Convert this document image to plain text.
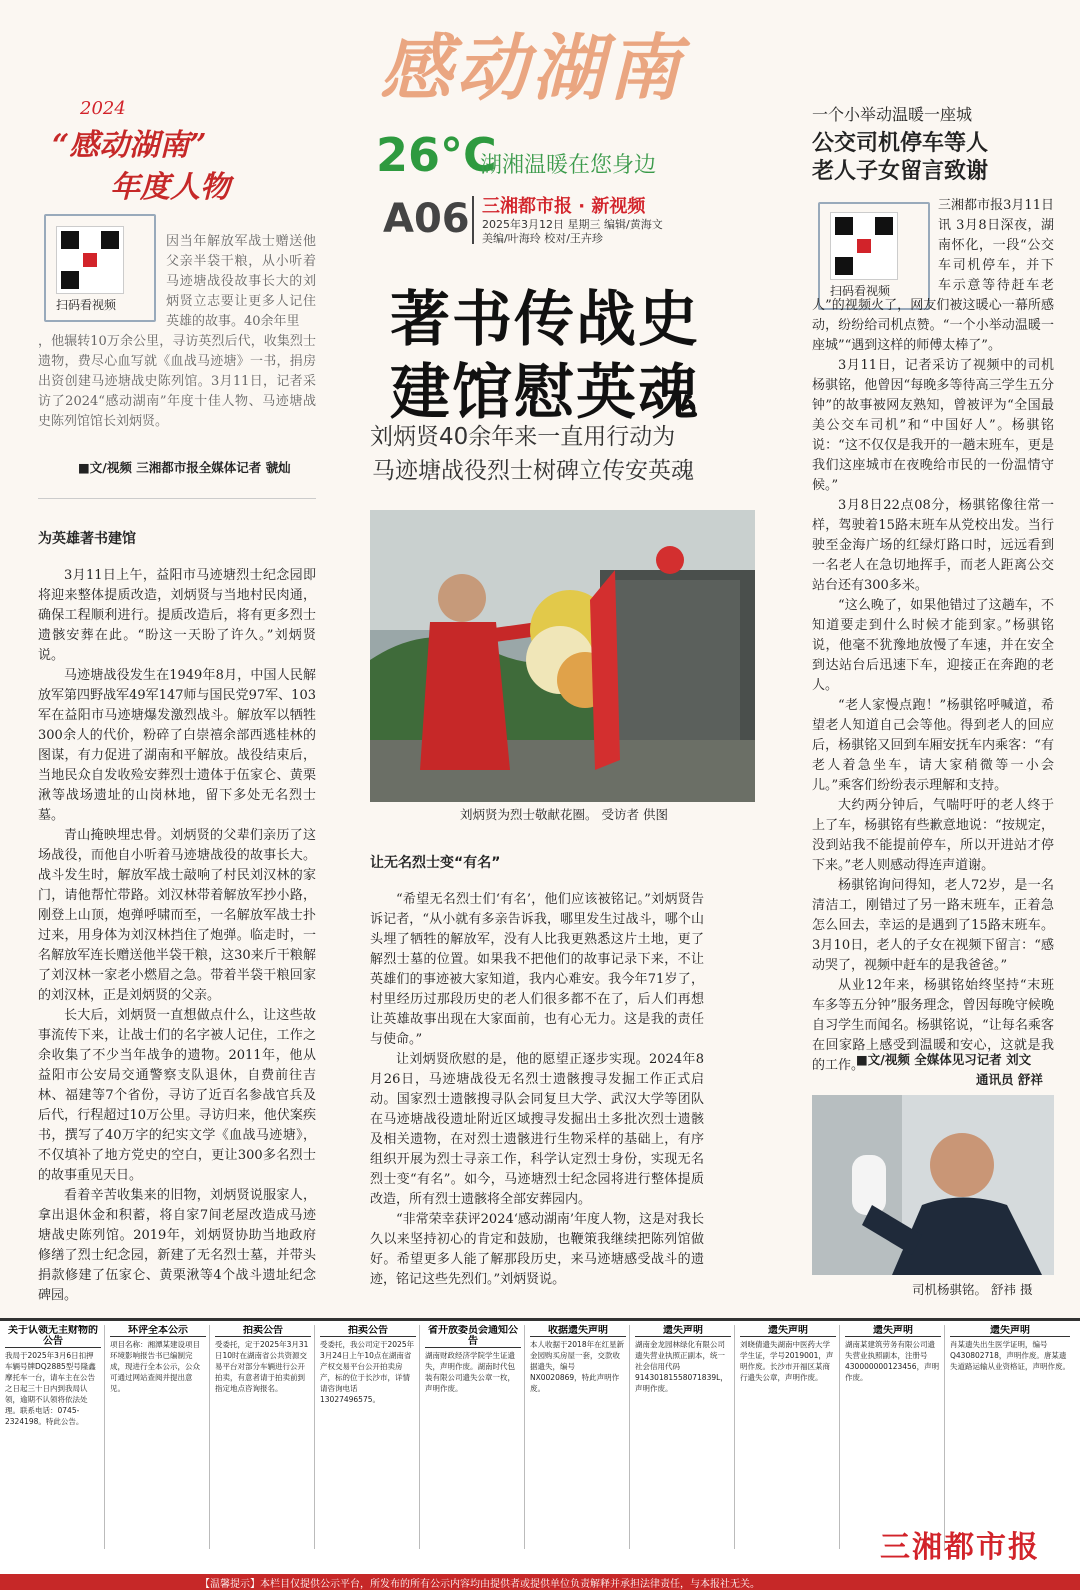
感动湖南
26°C
湖湘温暖在您身边
A06 三湘都市报 · 新视频
2025年3月12日 星期三 编辑/黄海文
美编/叶海玲 校对/王卉珍
2024
“感动湖南”
年度人物
扫码看视频
因当年解放军战士赠送他父亲半袋干粮，从小听着马迹塘战役故事长大的刘炳贤立志要让更多人记住英雄的故事。40余年里
，他辗转10万余公里，寻访英烈后代，收集烈士遗物，费尽心血写就《血战马迹塘》一书，捐房出资创建马迹塘战史陈列馆。3月11日，记者采访了2024“感动湖南”年度十佳人物、马迹塘战史陈列馆馆长刘炳贤。
■文/视频 三湘都市报全媒体记者 虢灿
为英雄著书建馆

3月11日上午，益阳市马迹塘烈士纪念园即将迎来整体提质改造，刘炳贤与当地村民肉通，确保工程顺利进行。提质改造后，将有更多烈士遗骸安葬在此。“盼这一天盼了许久。”刘炳贤说。

马迹塘战役发生在1949年8月，中国人民解放军第四野战军49军147师与国民党97军、103军在益阳市马迹塘爆发激烈战斗。解放军以牺牲300余人的代价，粉碎了白崇禧余部西逃桂林的图谋，有力促进了湖南和平解放。战役结束后，当地民众自发收殓安葬烈士遗体于伍家仑、黄栗湫等战场遗址的山岗林地，留下多处无名烈士墓。

青山掩映埋忠骨。刘炳贤的父辈们亲历了这场战役，而他自小听着马迹塘战役的故事长大。战斗发生时，解放军战士敲响了村民刘汉林的家门，请他帮忙带路。刘汉林带着解放军抄小路，刚登上山顶，炮弹呼啸而至，一名解放军战士扑过来，用身体为刘汉林挡住了炮弹。临走时，一名解放军连长赠送他半袋干粮，这30来斤干粮解了刘汉林一家老小燃眉之急。带着半袋干粮回家的刘汉林，正是刘炳贤的父亲。

长大后，刘炳贤一直想做点什么，让这些故事流传下来，让战士们的名字被人记住，工作之余收集了不少当年战争的遗物。2011年，他从益阳市公安局交通警察支队退休，自费前往吉林、福建等7个省份，寻访了近百名参战官兵及后代，行程超过10万公里。寻访归来，他伏案疾书，撰写了40万字的纪实文学《血战马迹塘》，不仅填补了地方党史的空白，更让300多名烈士的故事重见天日。

看着辛苦收集来的旧物，刘炳贤说服家人，拿出退休金和积蓄，将自家7间老屋改造成马迹塘战史陈列馆。2019年，刘炳贤协助当地政府修缮了烈士纪念园，新建了无名烈士墓，并带头捐款修建了伍家仑、黄栗湫等4个战斗遗址纪念碑园。

著书传战史
建馆慰英魂
刘炳贤40余年来一直用行动为
马迹塘战役烈士树碑立传安英魂
刘炳贤为烈士敬献花圈。 受访者 供图
让无名烈士变“有名”

“希望无名烈士们‘有名’，他们应该被铭记。”刘炳贤告诉记者，“从小就有多亲告诉我，哪里发生过战斗，哪个山头埋了牺牲的解放军，没有人比我更熟悉这片土地，更了解烈士墓的位置。如果我不把他们的故事记录下来，不让英雄们的事迹被大家知道，我内心难安。我今年71岁了，村里经历过那段历史的老人们很多都不在了，后人们再想让英雄故事出现在大家面前，也有心无力。这是我的责任与使命。”

让刘炳贤欣慰的是，他的愿望正逐步实现。2024年8月26日，马迹塘战役无名烈士遗骸搜寻发掘工作正式启动。国家烈士遗骸搜寻队会同复旦大学、武汉大学等团队在马迹塘战役遗址附近区域搜寻发掘出土多批次烈士遗骸及相关遗物，在对烈士遗骸进行生物采样的基础上，有序组织开展为烈士寻亲工作，科学认定烈士身份，实现无名烈士变“有名”。如今，马迹塘烈士纪念园将进行整体提质改造，所有烈士遗骸将全部安葬园内。

“非常荣幸获评2024‘感动湖南’年度人物，这是对我长久以来坚持初心的肯定和鼓励，也鞭策我继续把陈列馆做好。希望更多人能了解那段历史，来马迹塘感受战斗的遗迹，铭记这些先烈们。”刘炳贤说。

一个小举动温暖一座城
公交司机停车等人
老人子女留言致谢
扫码看视频

三湘都市报3月11日讯 3月8日深夜，湖南怀化，一段“公交车司机停车，并下车示意等待赶车老人”的视频火了，网友们被这暖心一幕所感动，纷纷给司机点赞。“一个小举动温暖一座城”“遇到这样的师傅太棒了”。

3月11日，记者采访了视频中的司机杨骐铭，他曾因“每晚多等待高三学生五分钟”的故事被网友熟知，曾被评为“全国最美公交车司机”和“中国好人”。杨骐铭说：“这不仅仅是我开的一趟末班车，更是我们这座城市在夜晚给市民的一份温情守候。”

3月8日22点08分，杨骐铭像往常一样，驾驶着15路末班车从党校出发。当行驶至金海广场的红绿灯路口时，远远看到一名老人在急切地挥手，而老人距离公交站台还有300多米。

“这么晚了，如果他错过了这趟车，不知道要走到什么时候才能到家。”杨骐铭说，他毫不犹豫地放慢了车速，并在安全到达站台后迅速下车，迎接正在奔跑的老人。

“老人家慢点跑！”杨骐铭呼喊道，希望老人知道自己会等他。得到老人的回应后，杨骐铭又回到车厢安抚车内乘客：“有老人着急坐车，请大家稍微等一小会儿。”乘客们纷纷表示理解和支持。

大约两分钟后，气喘吁吁的老人终于上了车，杨骐铭有些歉意地说：“按规定，没到站我不能提前停车，所以开进站才停下来。”老人则感动得连声道谢。

杨骐铭询问得知，老人72岁，是一名清洁工，刚错过了另一路末班车，正着急怎么回去，幸运的是遇到了15路末班车。3月10日，老人的子女在视频下留言：“感动哭了，视频中赶车的是我爸爸。”

从业12年来，杨骐铭始终坚持“末班车多等五分钟”服务理念，曾因每晚守候晚自习学生而闻名。杨骐铭说，“让每名乘客在回家路上感受到温暖和安心，这就是我的工作。”

■文/视频 全媒体见习记者 刘文
通讯员 舒祥
司机杨骐铭。 舒祎 摄
关于认领无主财物的公告
我局于2025年3月6日扣押车辆号牌DQ2885型号隆鑫摩托车一台，请车主在公告之日起三十日内到我局认领，逾期不认领将依法处理。联系电话：0745-2324198。特此公告。
环评全本公示
项目名称：湘潭某建设项目环境影响报告书已编制完成，现进行全本公示，公众可通过网站查阅并提出意见。
拍卖公告
受委托，定于2025年3月31日10时在湖南省公共资源交易平台对部分车辆进行公开拍卖，有意者请于拍卖前到指定地点咨询报名。
拍卖公告
受委托，我公司定于2025年3月24日上午10点在湖南省产权交易平台公开拍卖房产，标的位于长沙市，详情请咨询电话13027496575。
省开放委员会通知公告
湖南财政经济学院学生证遗失，声明作废。湖南时代包装有限公司遗失公章一枚，声明作废。
收据遗失声明
本人收据于2018年在红星新金园购买房屋一套，交款收据遗失，编号NX0020869，特此声明作废。
遗失声明
湖南金龙园林绿化有限公司遗失营业执照正副本，统一社会信用代码91430181558071839L，声明作废。
遗失声明
刘晓倩遗失湖南中医药大学学生证，学号2019001，声明作废。长沙市开福区某商行遗失公章，声明作废。
遗失声明
湖南某建筑劳务有限公司遗失营业执照副本，注册号430000000123456，声明作废。
遗失声明
肖某遗失出生医学证明，编号Q430802718，声明作废。唐某遗失道路运输从业资格证，声明作废。
三湘都市报
【温馨提示】本栏目仅提供公示平台，所发布的所有公示内容均由提供者或提供单位负责解释并承担法律责任，与本报社无关。
